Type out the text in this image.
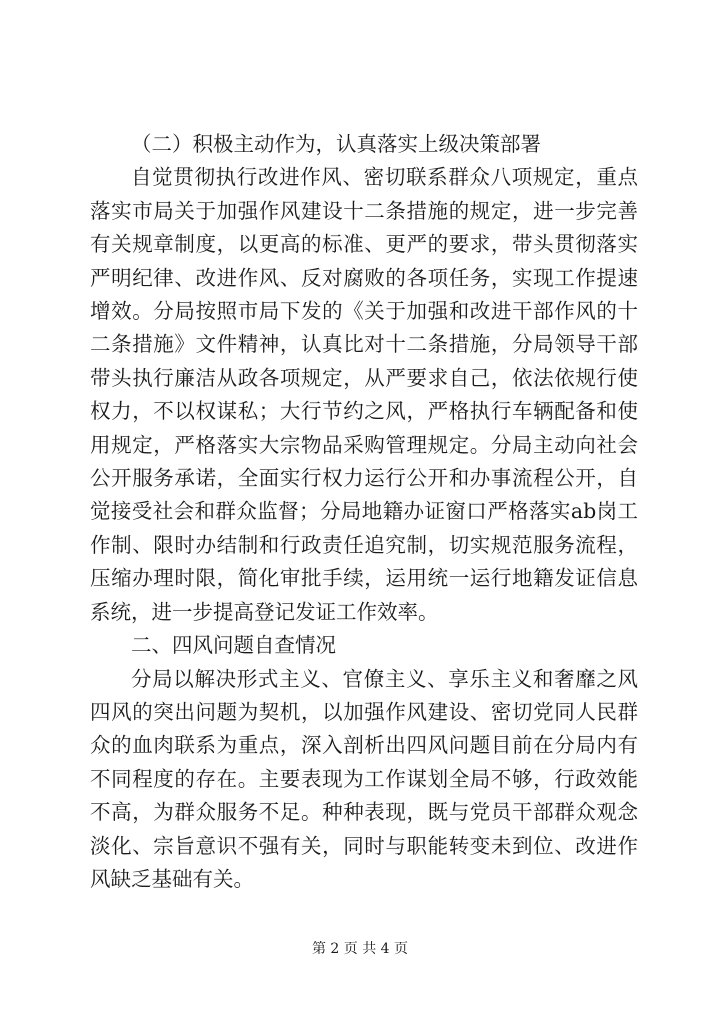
（二）积极主动作为，认真落实上级决策部署

自觉贯彻执行改进作风、密切联系群众八项规定，重点落实市局关于加强作风建设十二条措施的规定，进一步完善有关规章制度，以更高的标准、更严的要求，带头贯彻落实严明纪律、改进作风、反对腐败的各项任务，实现工作提速增效。分局按照市局下发的《关于加强和改进干部作风的十二条措施》文件精神，认真比对十二条措施，分局领导干部带头执行廉洁从政各项规定，从严要求自己，依法依规行使权力，不以权谋私；大行节约之风，严格执行车辆配备和使用规定，严格落实大宗物品采购管理规定。分局主动向社会公开服务承诺，全面实行权力运行公开和办事流程公开，自觉接受社会和群众监督；分局地籍办证窗口严格落实ab岗工作制、限时办结制和行政责任追究制，切实规范服务流程，压缩办理时限，简化审批手续，运用统一运行地籍发证信息系统，进一步提高登记发证工作效率。

二、四风问题自查情况

分局以解决形式主义、官僚主义、享乐主义和奢靡之风四风的突出问题为契机，以加强作风建设、密切党同人民群众的血肉联系为重点，深入剖析出四风问题目前在分局内有不同程度的存在。主要表现为工作谋划全局不够，行政效能不高，为群众服务不足。种种表现，既与党员干部群众观念淡化、宗旨意识不强有关，同时与职能转变未到位、改进作风缺乏基础有关。

第 2 页 共 4 页
